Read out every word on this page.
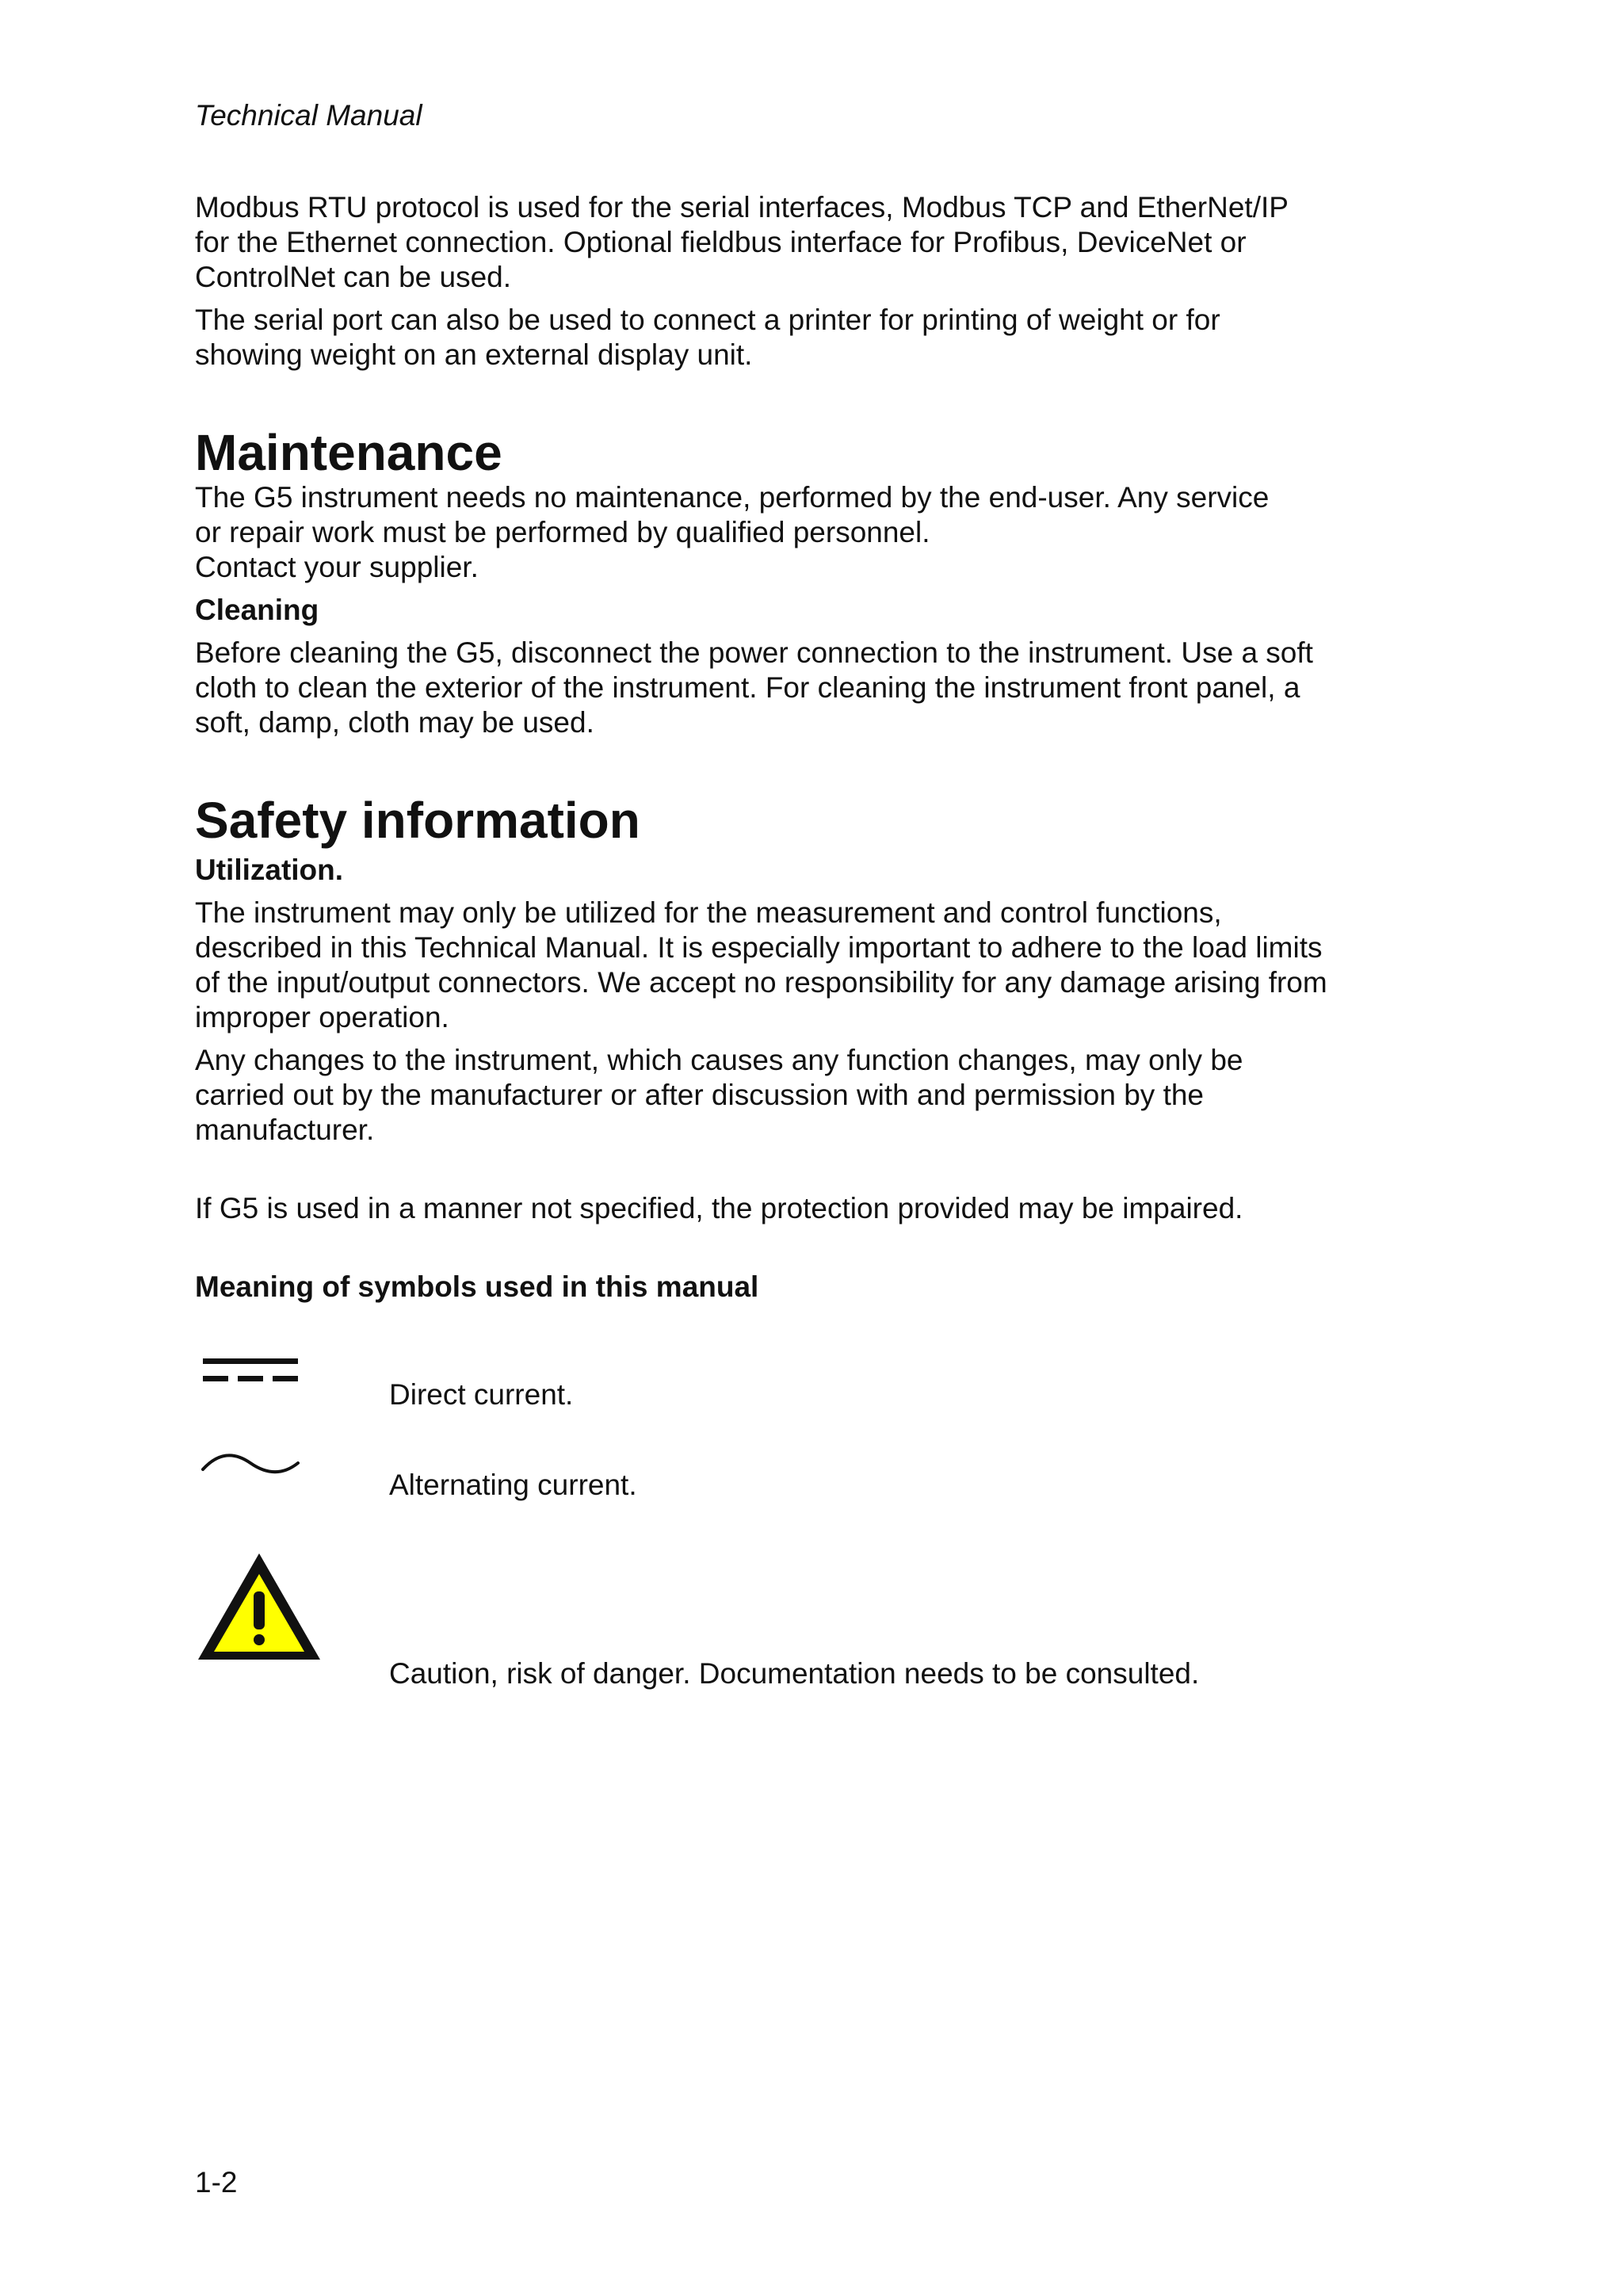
Technical Manual

Modbus RTU protocol is used for the serial interfaces, Modbus TCP and EtherNet/IP

for the Ethernet connection. Optional fieldbus interface for Profibus, DeviceNet or

ControlNet can be used.

The serial port can also be used to connect a printer for printing of weight or for

showing weight on an external display unit.

Maintenance

The G5 instrument needs no maintenance, performed by the end-user. Any service

or repair work must be performed by qualified personnel.

Contact your supplier.

Cleaning

Before cleaning the G5, disconnect the power connection to the instrument. Use a soft

cloth to clean the exterior of the instrument. For cleaning the instrument front panel, a

soft, damp, cloth may be used.

Safety information
Utilization.

The instrument may only be utilized for the measurement and control functions,

described in this Technical Manual. It is especially important to adhere to the load limits

of the input/output connectors. We accept no responsibility for any damage arising from

improper operation.

Any changes to the instrument, which causes any function changes, may only be

carried out by the manufacturer or after discussion with and permission by the

manufacturer.

If G5 is used in a manner not specified, the protection provided may be impaired.

Meaning of symbols used in this manual
Direct current.
Alternating current.
Caution, risk of danger. Documentation needs to be consulted.
1-2
